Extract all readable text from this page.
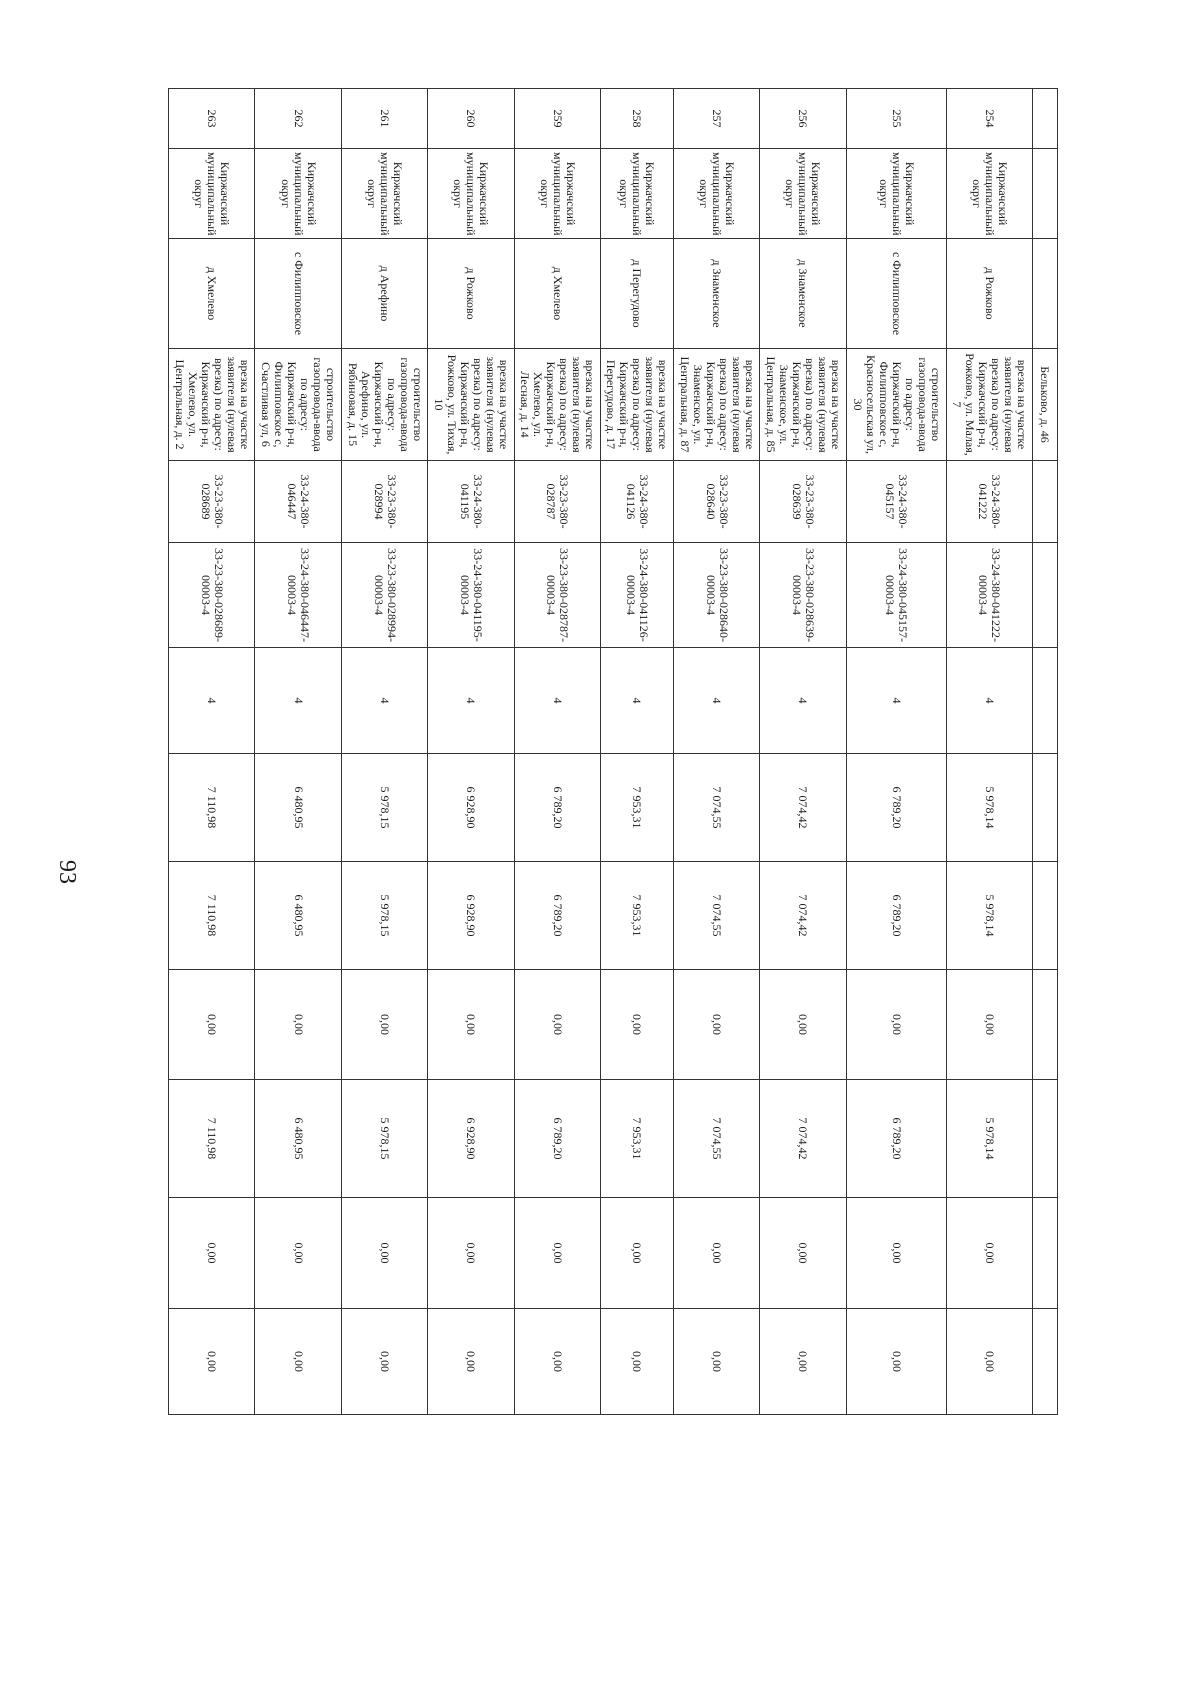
93
			Бельково, д. 46									
254	Киржачский муниципальный округ	д Рожково	врезка на участке заявителя (нулевая врезка) по адресу: Киржачский р-н, Рожково, ул. Малая, 7	33-24-380-041222	33-24-380-041222-00003-4	4	5 978,14	5 978,14	0,00	5 978,14	0,00	0,00
255	Киржачский муниципальный округ	с Филипповское	строительство газопровода-ввода по адресу: Киржачский р-н, Филипповское с, Красносельская ул, 30	33-24-380-045157	33-24-380-045157-00003-4	4	6 789,20	6 789,20	0,00	6 789,20	0,00	0,00
256	Киржачский муниципальный округ	д Знаменское	врезка на участке заявителя (нулевая врезка) по адресу: Киржачский р-н, Знаменское, ул. Центральная, д. 85	33-23-380-028639	33-23-380-028639-00003-4	4	7 074,42	7 074,42	0,00	7 074,42	0,00	0,00
257	Киржачский муниципальный округ	д Знаменское	врезка на участке заявителя (нулевая врезка) по адресу: Киржачский р-н, Знаменское, ул. Центральная, д. 87	33-23-380-028640	33-23-380-028640-00003-4	4	7 074,55	7 074,55	0,00	7 074,55	0,00	0,00
258	Киржачский муниципальный округ	д Перегудово	врезка на участке заявителя (нулевая врезка) по адресу: Киржачский р-н, Перегудово, д. 17	33-24-380-041126	33-24-380-041126-00003-4	4	7 953,31	7 953,31	0,00	7 953,31	0,00	0,00
259	Киржачский муниципальный округ	д Хмелево	врезка на участке заявителя (нулевая врезка) по адресу: Киржачский р-н, Хмелево, ул. Лесная, д. 14	33-23-380-028787	33-23-380-028787-00003-4	4	6 789,20	6 789,20	0,00	6 789,20	0,00	0,00
260	Киржачский муниципальный округ	д Рожково	врезка на участке заявителя (нулевая врезка) по адресу: Киржачский р-н, Рожково, ул. Тихая, 10	33-24-380-041195	33-24-380-041195-00003-4	4	6 928,90	6 928,90	0,00	6 928,90	0,00	0,00
261	Киржачский муниципальный округ	д Арефино	строительство газопровода-ввода по адресу: Киржачский р-н, Арефино, ул. Рябиновая, д. 15	33-23-380-028994	33-23-380-028994-00003-4	4	5 978,15	5 978,15	0,00	5 978,15	0,00	0,00
262	Киржачский муниципальный округ	с Филипповское	строительство газопровода-ввода по адресу: Киржачский р-н, Филипповское с, Счастливая ул, 6	33-24-380-046447	33-24-380-046447-00003-4	4	6 480,95	6 480,95	0,00	6 480,95	0,00	0,00
263	Киржачский муниципальный округ	д Хмелево	врезка на участке заявителя (нулевая врезка) по адресу: Киржачский р-н, Хмелево, ул. Центральная, д. 2	33-23-380-028689	33-23-380-028689-00003-4	4	7 110,98	7 110,98	0,00	7 110,98	0,00	0,00
